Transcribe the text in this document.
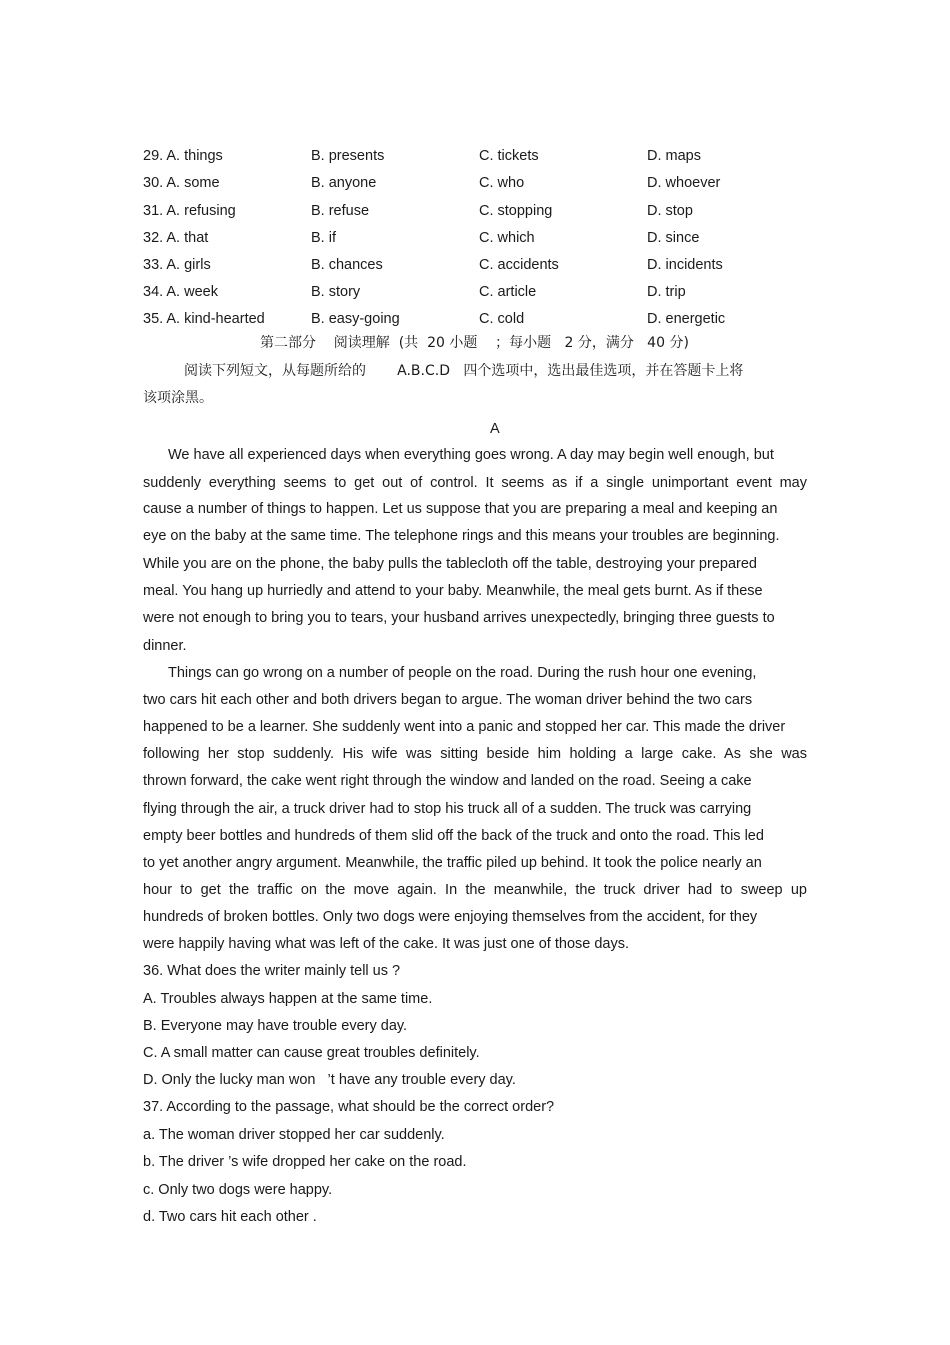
29. A. things	B. presents	C. tickets	D. maps
30. A. some	B. anyone	C. who	D. whoever
31. A. refusing	B. refuse	C. stopping	D. stop
32. A. that	B. if	C. which	D. since
33. A. girls	B. chances	C. accidents	D. incidents
34. A. week	B. story	C. article	D. trip
35. A. kind-hearted	B. easy-going	C. cold	D. energetic
第二部分    阅读理解  (共  20 小题    ；每小题   2 分，满分   40 分)
阅读下列短文，从每题所给的       A.B.C.D   四个选项中，选出最佳选项，并在答题卡上将
该项涂黑。
A
We have all experienced days when everything goes wrong. A day may begin well enough, but
suddenly everything seems to get out of control. It seems as if a single unimportant event may
cause a number of things to happen. Let us suppose that you are preparing a meal and keeping an
eye on the baby at the same time. The telephone rings and this means your troubles are beginning.
While you are on the phone, the baby pulls the tablecloth off the table, destroying your prepared
meal. You hang up hurriedly and attend to your baby. Meanwhile, the meal gets burnt. As if these
were not enough to bring you to tears, your husband arrives unexpectedly, bringing three guests to
dinner.
Things can go wrong on a number of people on the road. During the rush hour one evening,
two cars hit each other and both drivers began to argue. The woman driver behind the two cars
happened to be a learner. She suddenly went into a panic and stopped her car. This made the driver
following her stop suddenly. His wife was sitting beside him holding a large cake. As she was
thrown forward, the cake went right through the window and landed on the road. Seeing a cake
flying through the air, a truck driver had to stop his truck all of a sudden. The truck was carrying
empty beer bottles and hundreds of them slid off the back of the truck and onto the road. This led
to yet another angry argument. Meanwhile, the traffic piled up behind. It took the police nearly an
hour to get the traffic on the move again. In the meanwhile, the truck driver had to sweep up
hundreds of broken bottles. Only two dogs were enjoying themselves from the accident, for they
were happily having what was left of the cake. It was just one of those days.
36. What does the writer mainly tell us ?
A. Troubles always happen at the same time.
B. Everyone may have trouble every day.
C. A small matter can cause great troubles definitely.
D. Only the lucky man won   ’t have any trouble every day.
37. According to the passage, what should be the correct order?
a. The woman driver stopped her car suddenly.
b. The driver ’s wife dropped her cake on the road.
c. Only two dogs were happy.
d. Two cars hit each other .
